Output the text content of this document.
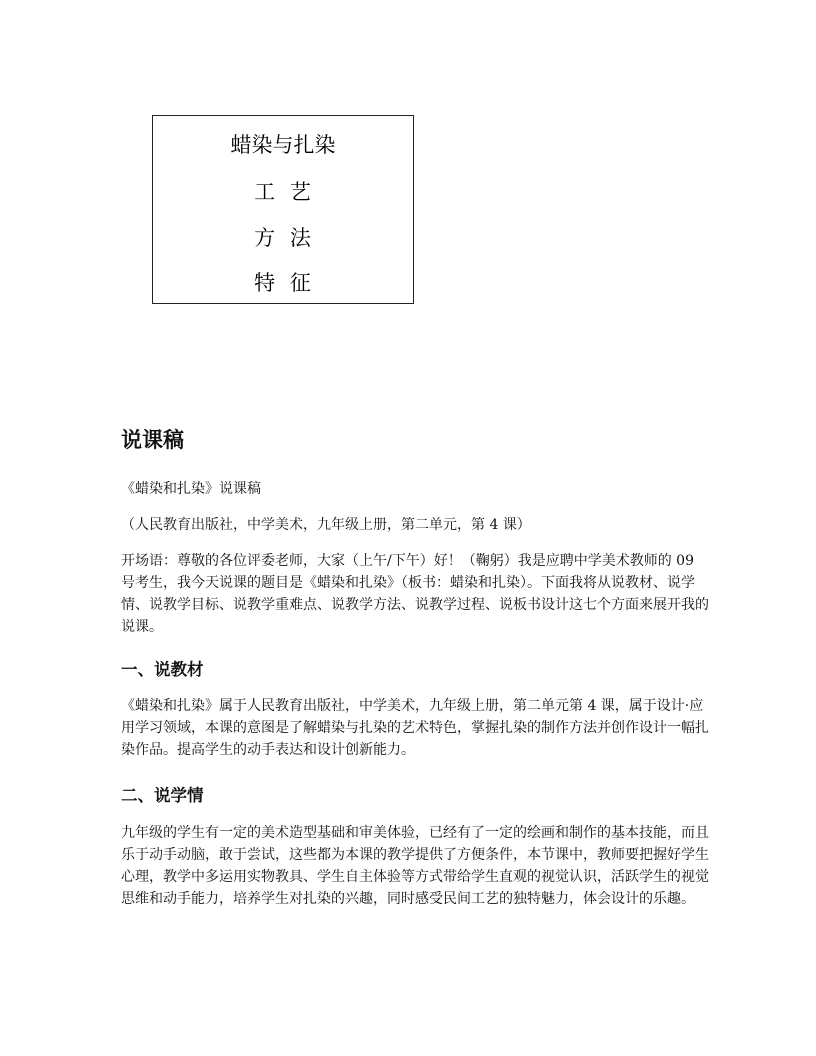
蜡染与扎染
工 艺
方 法
特 征
说课稿

《蜡染和扎染》说课稿

（人民教育出版社，中学美术，九年级上册，第二单元，第 4 课）

开场语：尊敬的各位评委老师，大家（上午/下午）好！（鞠躬）我是应聘中学美术教师的 09 号考生，我今天说课的题目是《蜡染和扎染》（板书：蜡染和扎染）。下面我将从说教材、说学情、说教学目标、说教学重难点、说教学方法、说教学过程、说板书设计这七个方面来展开我的说课。

一、说教材

《蜡染和扎染》属于人民教育出版社，中学美术，九年级上册，第二单元第 4 课，属于设计·应用学习领域，本课的意图是了解蜡染与扎染的艺术特色，掌握扎染的制作方法并创作设计一幅扎染作品。提高学生的动手表达和设计创新能力。

二、说学情

九年级的学生有一定的美术造型基础和审美体验，已经有了一定的绘画和制作的基本技能，而且乐于动手动脑，敢于尝试，这些都为本课的教学提供了方便条件，本节课中，教师要把握好学生心理，教学中多运用实物教具、学生自主体验等方式带给学生直观的视觉认识，活跃学生的视觉思维和动手能力，培养学生对扎染的兴趣，同时感受民间工艺的独特魅力，体会设计的乐趣。
